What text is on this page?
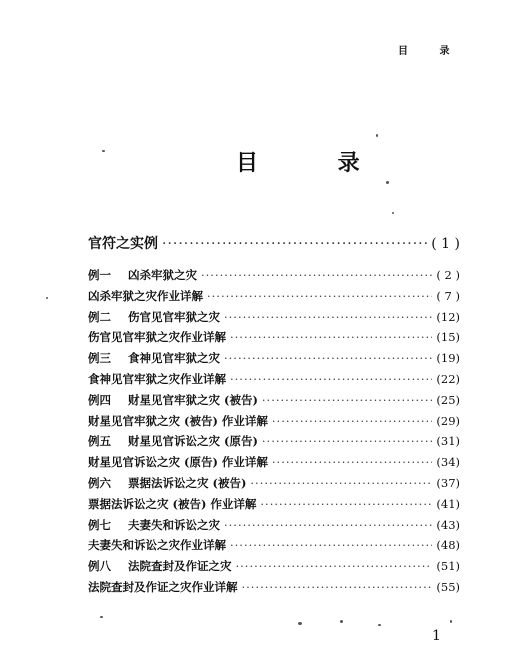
目 录
目 录
官符之实例 ·····	( 1 )
例一 凶杀牢狱之灾 ·····	( 2 )
凶杀牢狱之灾作业详解 ·····	( 7 )
例二 伤官见官牢狱之灾 ·····	(12)
伤官见官牢狱之灾作业详解 ·····	(15)
例三 食神见官牢狱之灾 ·····	(19)
食神见官牢狱之灾作业详解 ·····	(22)
例四 财星见官牢狱之灾 (被告) ·····	(25)
财星见官牢狱之灾 (被告) 作业详解 ·····	(29)
例五 财星见官诉讼之灾 (原告) ·····	(31)
财星见官诉讼之灾 (原告) 作业详解 ·····	(34)
例六 票据法诉讼之灾 (被告) ·····	(37)
票据法诉讼之灾 (被告) 作业详解 ·····	(41)
例七 夫妻失和诉讼之灾 ·····	(43)
夫妻失和诉讼之灾作业详解 ·····	(48)
例八 法院查封及作证之灾 ·····	(51)
法院查封及作证之灾作业详解 ·····	(55)
1
